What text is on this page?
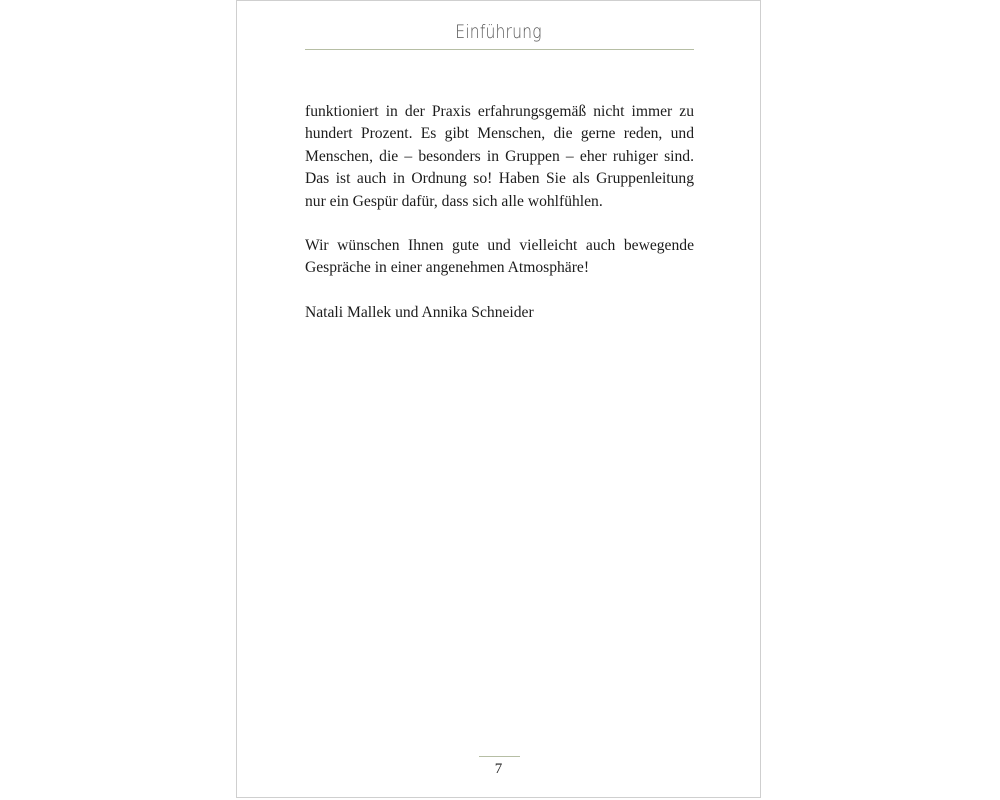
Einführung

funktioniert in der Praxis erfahrungsgemäß nicht immer zu hundert Prozent. Es gibt Menschen, die gerne reden, und Menschen, die – besonders in Gruppen – eher ruhiger sind. Das ist auch in Ordnung so! Haben Sie als Gruppenleitung nur ein Gespür dafür, dass sich alle wohlfühlen.

Wir wünschen Ihnen gute und vielleicht auch bewegende Gespräche in einer angenehmen Atmosphäre!

Natali Mallek und Annika Schneider

7
